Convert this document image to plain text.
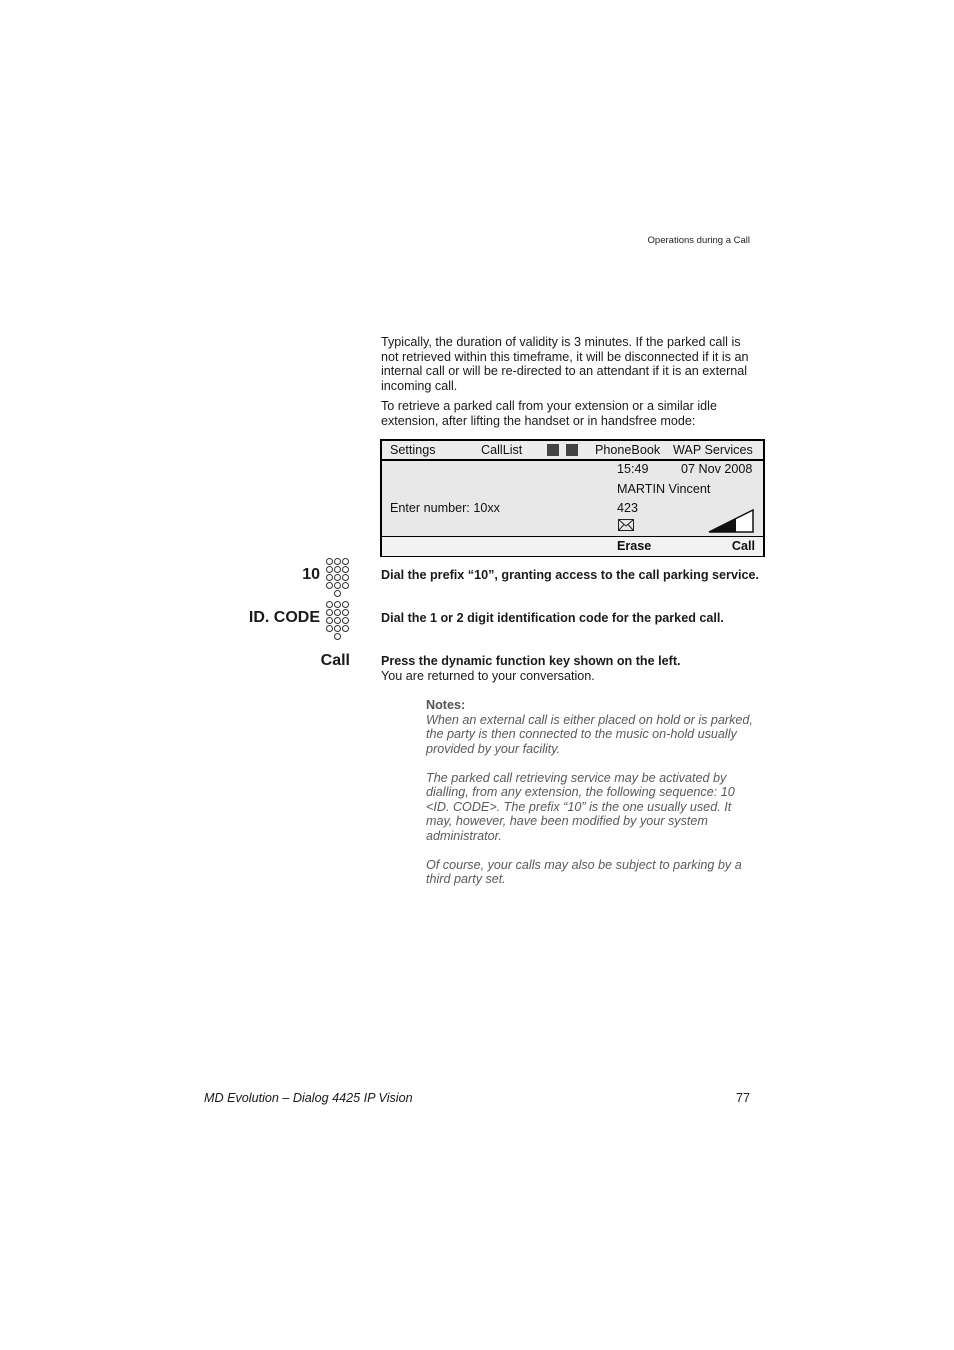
Operations during a Call
Typically, the duration of validity is 3 minutes. If the parked call is not retrieved within this timeframe, it will be disconnected if it is an internal call or will be re-directed to an attendant if it is an external incoming call.
To retrieve a parked call from your extension or a similar idle extension, after lifting the handset or in handsfree mode:
Settings	CallList	PhoneBook WAP Services
15:49	07 Nov 2008
MARTIN Vincent
Enter number: 10xx	423
Erase	Call
10	Dial the prefix “10”, granting access to the call parking service.
ID. CODE	Dial the 1 or 2 digit identification code for the parked call.
Call Press the dynamic function key shown on the left.
You are returned to your conversation.
Notes:

When an external call is either placed on hold or is parked, the party is then connected to the music on-hold usually provided by your facility.

The parked call retrieving service may be activated by dialling, from any extension, the following sequence: 10 <ID. CODE>. The prefix “10” is the one usually used. It may, however, have been modified by your system administrator.

Of course, your calls may also be subject to parking by a third party set.

MD Evolution – Dialog 4425 IP Vision	77
